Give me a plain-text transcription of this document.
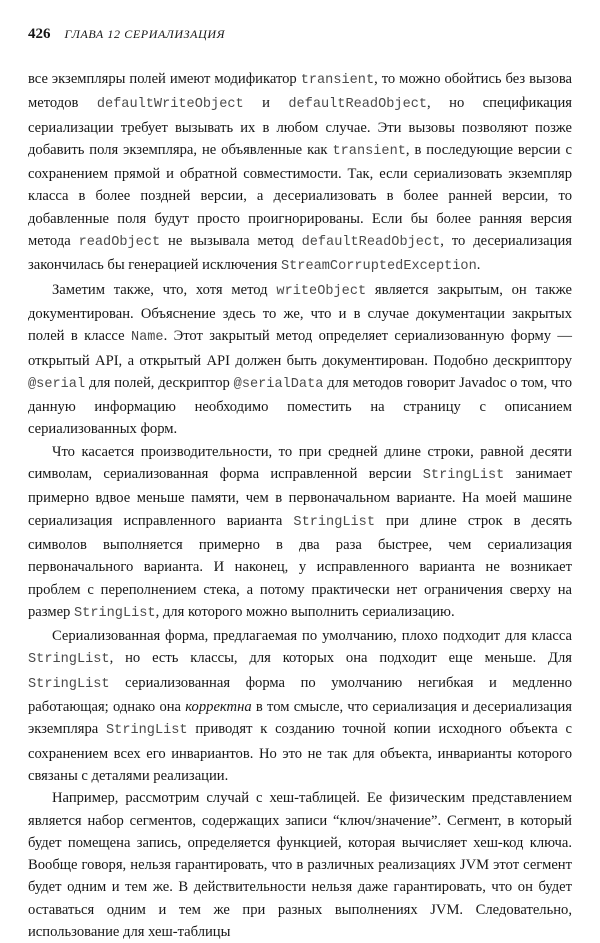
426 ГЛАВА 12 СЕРИАЛИЗАЦИЯ

все экземпляры полей имеют модификатор transient, то можно обойтись без вызова методов defaultWriteObject и defaultReadObject, но спецификация сериализации требует вызывать их в любом случае. Эти вызовы позволяют позже добавить поля экземпляра, не объявленные как transient, в последующие версии с сохранением прямой и обратной совместимости. Так, если сериализовать экземпляр класса в более поздней версии, а десериализовать в более ранней версии, то добавленные поля будут просто проигнорированы. Если бы более ранняя версия метода readObject не вызывала метод defaultReadObject, то десериализация закончилась бы генерацией исключения StreamCorruptedException.

Заметим также, что, хотя метод writeObject является закрытым, он также документирован. Объяснение здесь то же, что и в случае документации закрытых полей в классе Name. Этот закрытый метод определяет сериализованную форму — открытый API, а открытый API должен быть документирован. Подобно дескриптору @serial для полей, дескриптор @serialData для методов говорит Javadoc о том, что данную информацию необходимо поместить на страницу с описанием сериализованных форм.

Что касается производительности, то при средней длине строки, равной десяти символам, сериализованная форма исправленной версии StringList занимает примерно вдвое меньше памяти, чем в первоначальном варианте. На моей машине сериализация исправленного варианта StringList при длине строк в десять символов выполняется примерно в два раза быстрее, чем сериализация первоначального варианта. И наконец, у исправленного варианта не возникает проблем с переполнением стека, а потому практически нет ограничения сверху на размер StringList, для которого можно выполнить сериализацию.

Сериализованная форма, предлагаемая по умолчанию, плохо подходит для класса StringList, но есть классы, для которых она подходит еще меньше. Для StringList сериализованная форма по умолчанию негибкая и медленно работающая; однако она корректна в том смысле, что сериализация и десериализация экземпляра StringList приводят к созданию точной копии исходного объекта с сохранением всех его инвариантов. Но это не так для объекта, инварианты которого связаны с деталями реализации.

Например, рассмотрим случай с хеш-таблицей. Ее физическим представлением является набор сегментов, содержащих записи “ключ/значение”. Сегмент, в который будет помещена запись, определяется функцией, которая вычисляет хеш-код ключа. Вообще говоря, нельзя гарантировать, что в различных реализациях JVM этот сегмент будет одним и тем же. В действительности нельзя даже гарантировать, что он будет оставаться одним и тем же при разных выполнениях JVM. Следовательно, использование для хеш-таблицы
